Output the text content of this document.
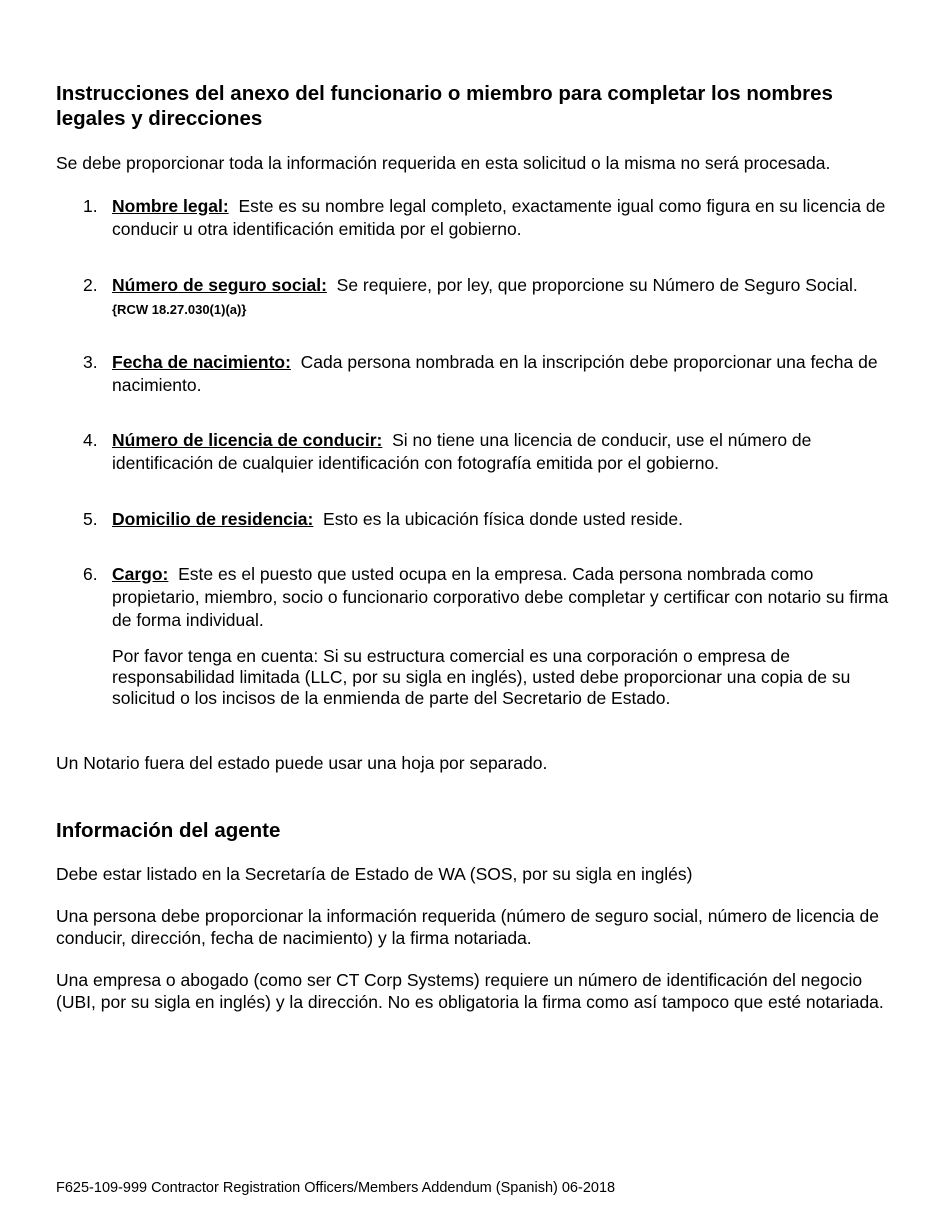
Instrucciones del anexo del funcionario o miembro para completar los nombres legales y direcciones

Se debe proporcionar toda la información requerida en esta solicitud o la misma no será procesada.

1. Nombre legal: Este es su nombre legal completo, exactamente igual como figura en su licencia de conducir u otra identificación emitida por el gobierno.

2. Número de seguro social: Se requiere, por ley, que proporcione su Número de Seguro Social. {RCW 18.27.030(1)(a)}

3. Fecha de nacimiento: Cada persona nombrada en la inscripción debe proporcionar una fecha de nacimiento.

4. Número de licencia de conducir: Si no tiene una licencia de conducir, use el número de identificación de cualquier identificación con fotografía emitida por el gobierno.

5. Domicilio de residencia: Esto es la ubicación física donde usted reside.

6. Cargo: Este es el puesto que usted ocupa en la empresa. Cada persona nombrada como propietario, miembro, socio o funcionario corporativo debe completar y certificar con notario su firma de forma individual.

Por favor tenga en cuenta: Si su estructura comercial es una corporación o empresa de responsabilidad limitada (LLC, por su sigla en inglés), usted debe proporcionar una copia de su solicitud o los incisos de la enmienda de parte del Secretario de Estado.

Un Notario fuera del estado puede usar una hoja por separado.

Información del agente

Debe estar listado en la Secretaría de Estado de WA (SOS, por su sigla en inglés)

Una persona debe proporcionar la información requerida (número de seguro social, número de licencia de conducir, dirección, fecha de nacimiento) y la firma notariada.

Una empresa o abogado (como ser CT Corp Systems) requiere un número de identificación del negocio (UBI, por su sigla en inglés) y la dirección. No es obligatoria la firma como así tampoco que esté notariada.

F625-109-999 Contractor Registration Officers/Members Addendum (Spanish) 06-2018
